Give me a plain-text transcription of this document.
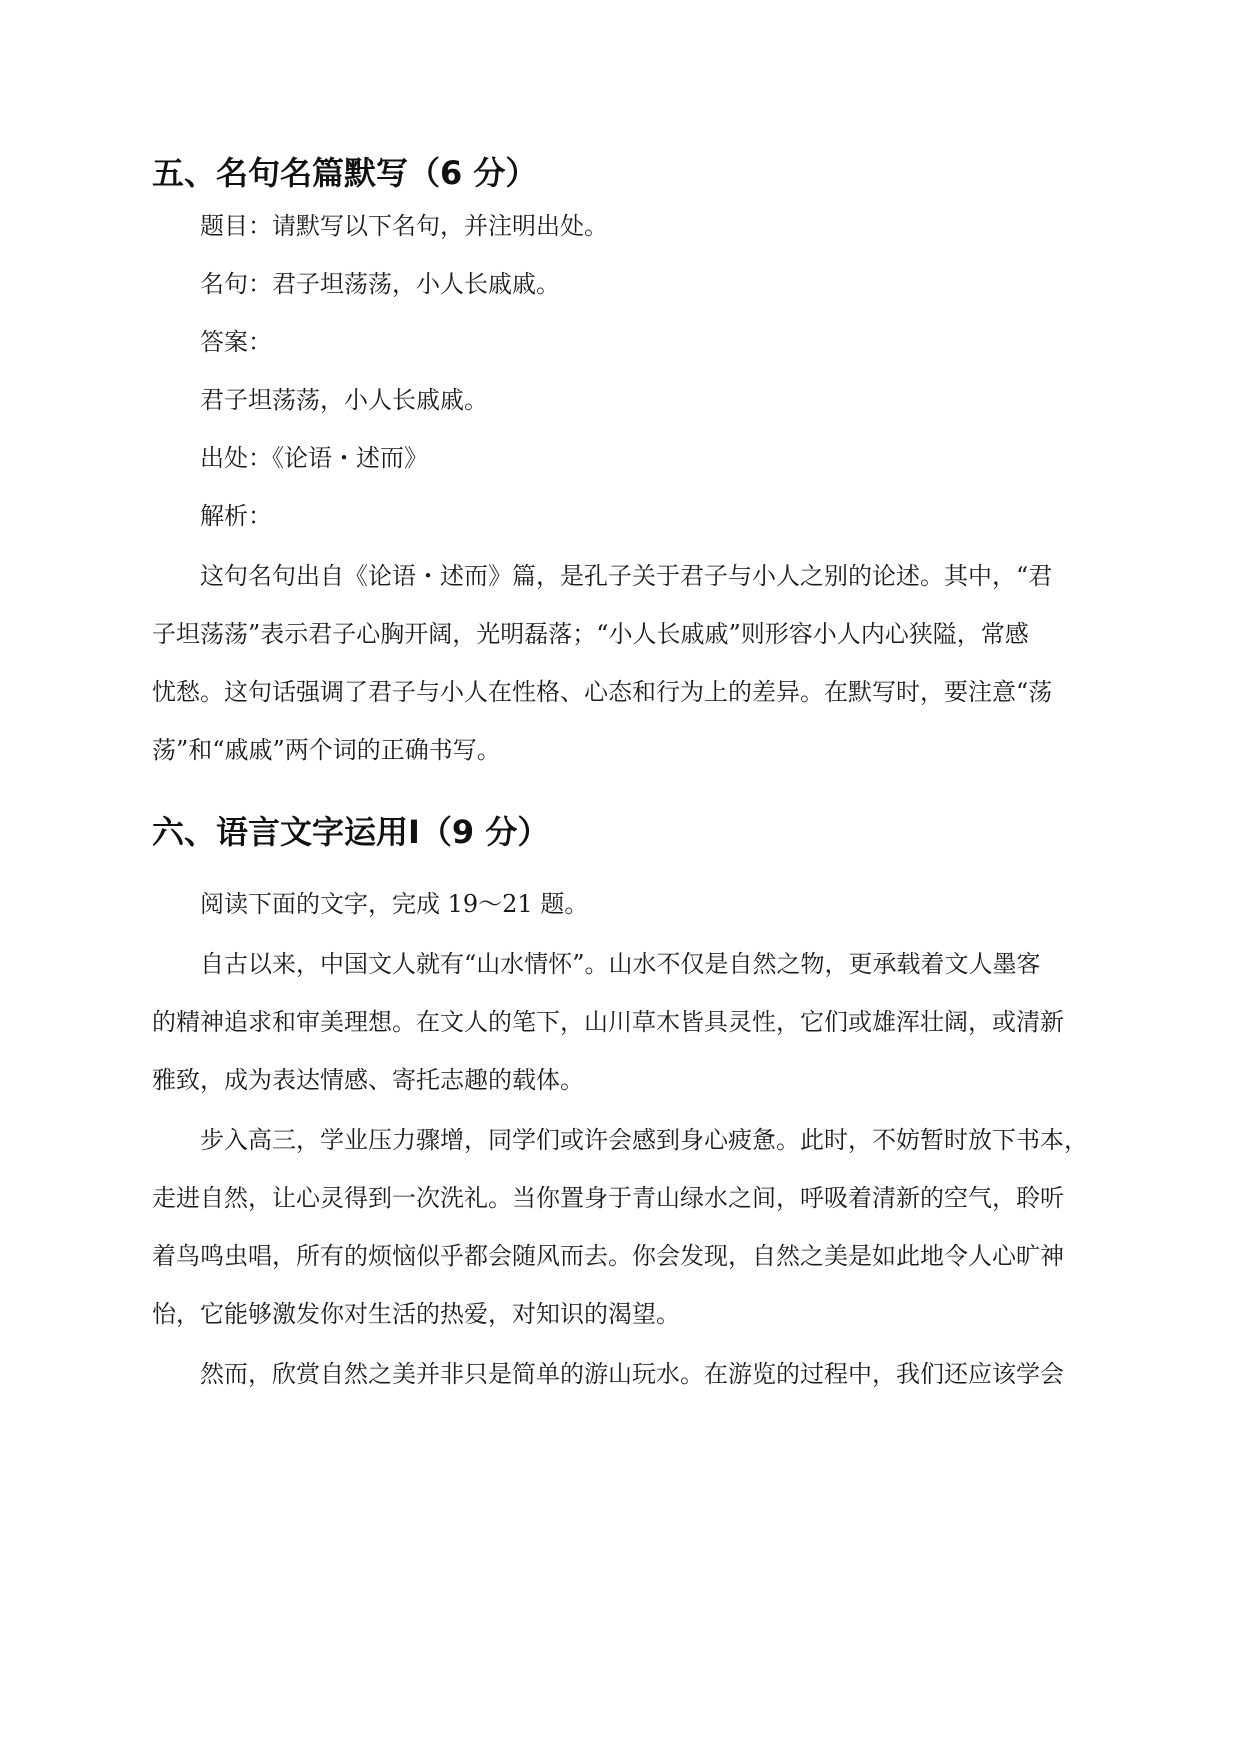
五、名句名篇默写（6 分）

题目：请默写以下名句，并注明出处。

名句：君子坦荡荡，小人长戚戚。

答案：

君子坦荡荡，小人长戚戚。

出处：《论语・述而》

解析：

这句名句出自《论语・述而》篇，是孔子关于君子与小人之别的论述。其中，“君

子坦荡荡”表示君子心胸开阔，光明磊落；“小人长戚戚”则形容小人内心狭隘，常感

忧愁。这句话强调了君子与小人在性格、心态和行为上的差异。在默写时，要注意“荡

荡”和“戚戚”两个词的正确书写。

六、语言文字运用Ⅰ（9 分）

阅读下面的文字，完成 19～21 题。

自古以来，中国文人就有“山水情怀”。山水不仅是自然之物，更承载着文人墨客

的精神追求和审美理想。在文人的笔下，山川草木皆具灵性，它们或雄浑壮阔，或清新

雅致，成为表达情感、寄托志趣的载体。

步入高三，学业压力骤增，同学们或许会感到身心疲惫。此时，不妨暂时放下书本，

走进自然，让心灵得到一次洗礼。当你置身于青山绿水之间，呼吸着清新的空气，聆听

着鸟鸣虫唱，所有的烦恼似乎都会随风而去。你会发现，自然之美是如此地令人心旷神

怡，它能够激发你对生活的热爱，对知识的渴望。

然而，欣赏自然之美并非只是简单的游山玩水。在游览的过程中，我们还应该学会
